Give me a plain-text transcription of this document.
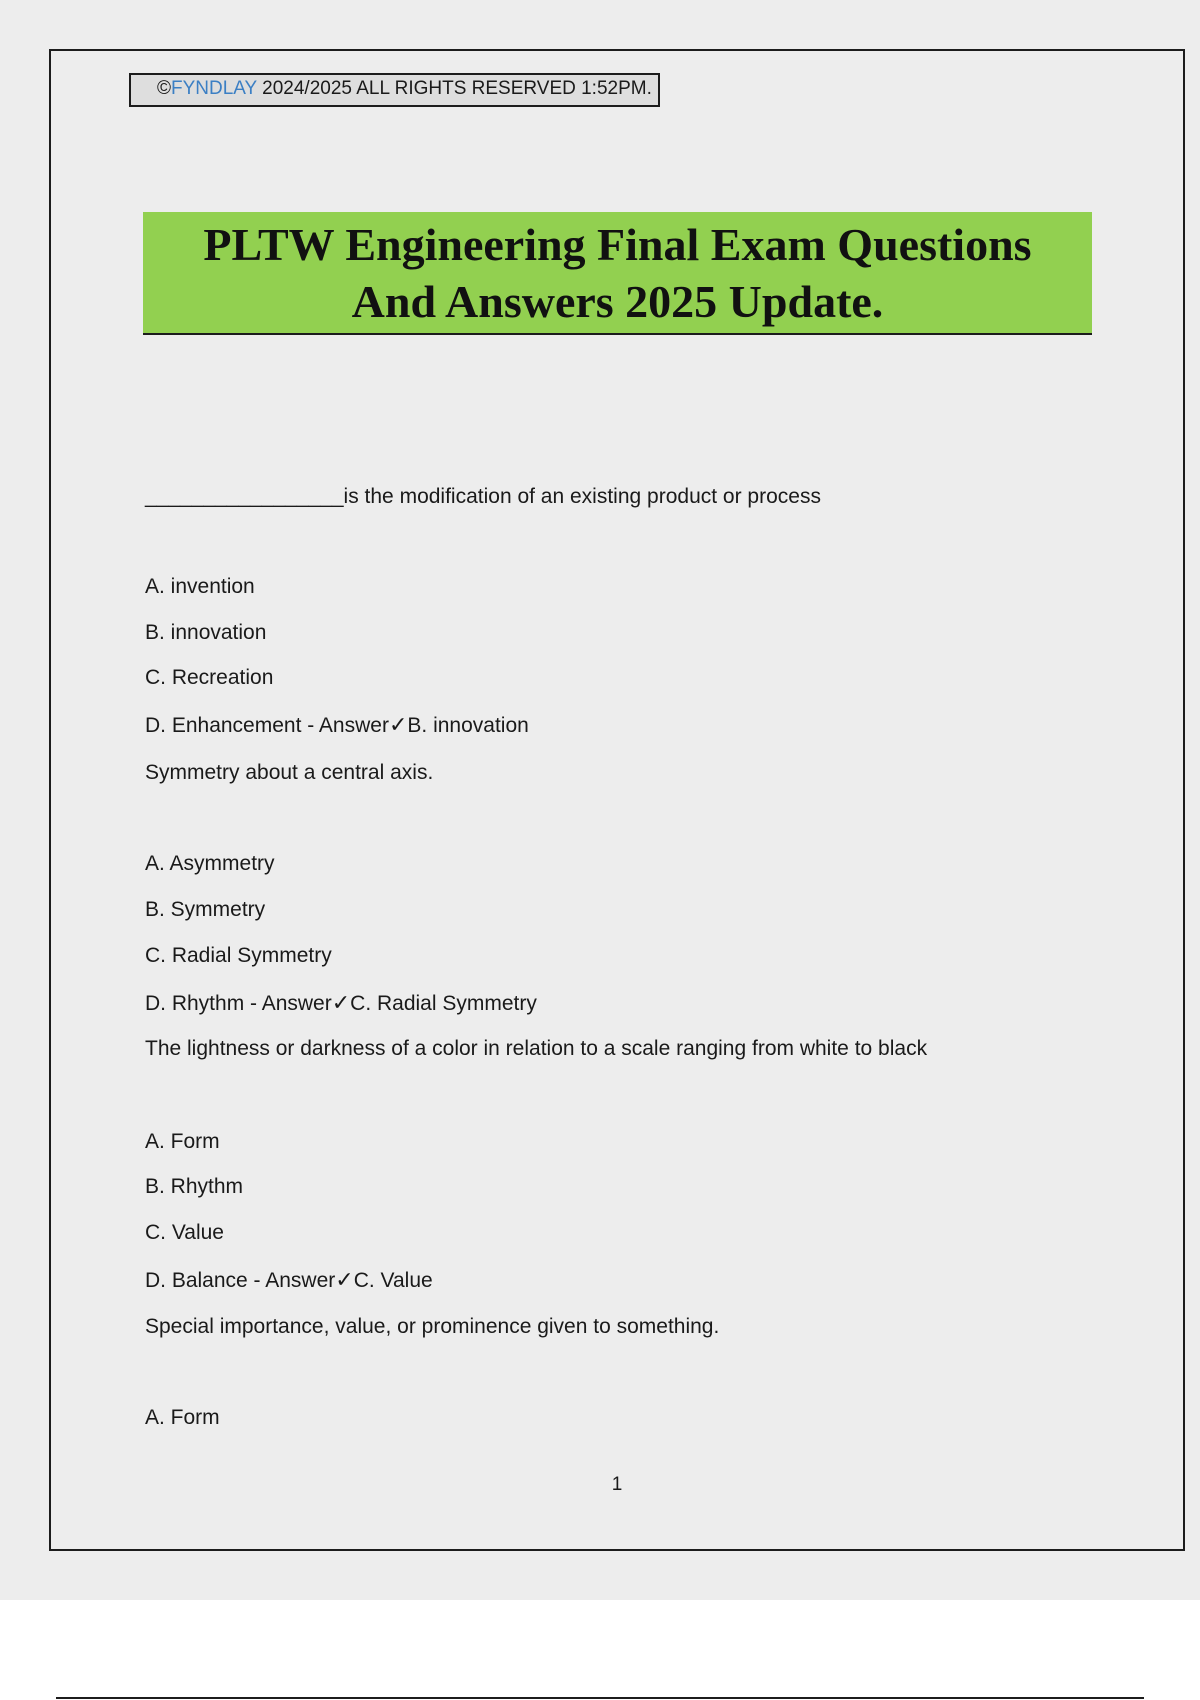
©FYNDLAY 2024/2025 ALL RIGHTS RESERVED 1:52PM.
PLTW Engineering Final Exam Questions
And Answers 2025 Update.
_________________is the modification of an existing product or process
A. invention
B. innovation
C. Recreation
D. Enhancement - Answer✓B. innovation
Symmetry about a central axis.
A. Asymmetry
B. Symmetry
C. Radial Symmetry
D. Rhythm - Answer✓C. Radial Symmetry
The lightness or darkness of a color in relation to a scale ranging from white to black
A. Form
B. Rhythm
C. Value
D. Balance - Answer✓C. Value
Special importance, value, or prominence given to something.
A. Form
1
